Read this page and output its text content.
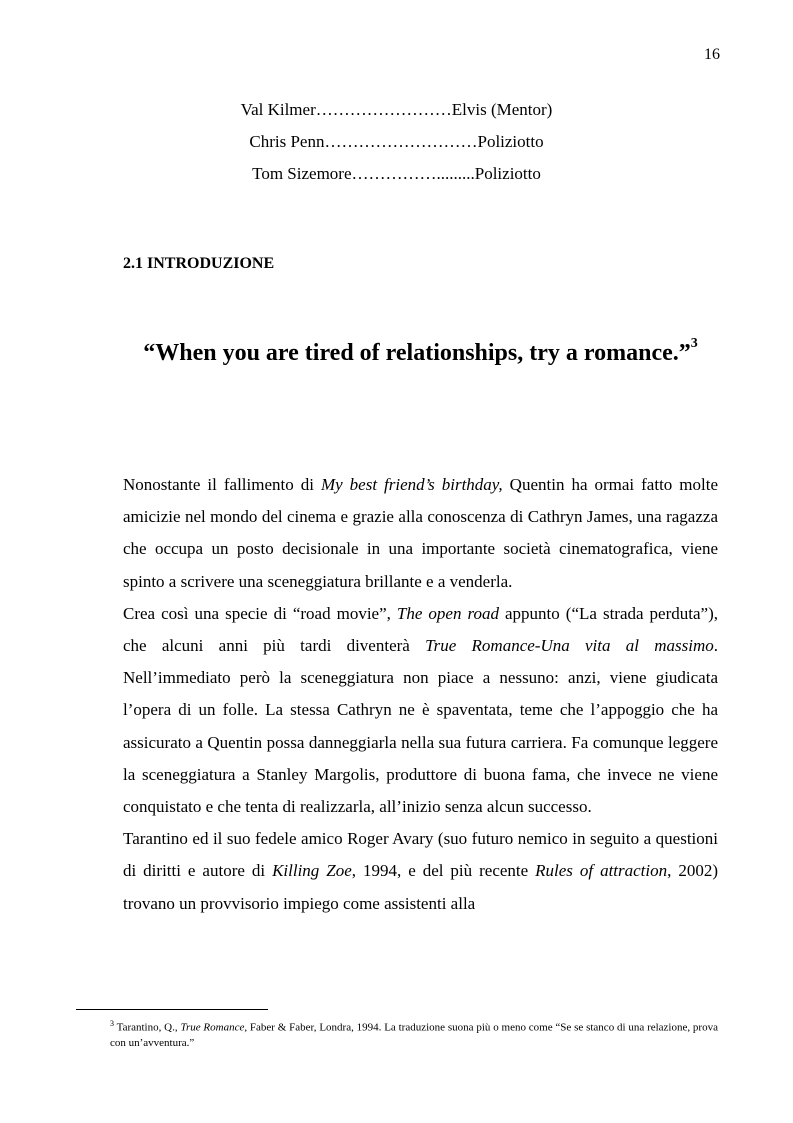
16
Val Kilmer……………………Elvis (Mentor)
Chris Penn………………………Poliziotto
Tom Sizemore…………….........Poliziotto
2.1 INTRODUZIONE

“When you are tired of relationships, try a romance.”$^3$

Nonostante il fallimento di My best friend’s birthday, Quentin ha ormai fatto molte amicizie nel mondo del cinema e grazie alla conoscenza di Cathryn James, una ragazza che occupa un posto decisionale in una importante società cinematografica, viene spinto a scrivere una sceneggiatura brillante e a venderla.

Crea così una specie di “road movie”, The open road appunto (“La strada perduta”), che alcuni anni più tardi diventerà True Romance-Una vita al massimo. Nell’immediato però la sceneggiatura non piace a nessuno: anzi, viene giudicata l’opera di un folle. La stessa Cathryn ne è spaventata, teme che l’appoggio che ha assicurato a Quentin possa danneggiarla nella sua futura carriera. Fa comunque leggere la sceneggiatura a Stanley Margolis, produttore di buona fama, che invece ne viene conquistato e che tenta di realizzarla, all’inizio senza alcun successo.

Tarantino ed il suo fedele amico Roger Avary (suo futuro nemico in seguito a questioni di diritti e autore di Killing Zoe, 1994, e del più recente Rules of attraction, 2002) trovano un provvisorio impiego come assistenti alla

$^3$ Tarantino, Q., True Romance, Faber & Faber, Londra, 1994. La traduzione suona più o meno come “Se se stanco di una relazione, prova con un’avventura.”
